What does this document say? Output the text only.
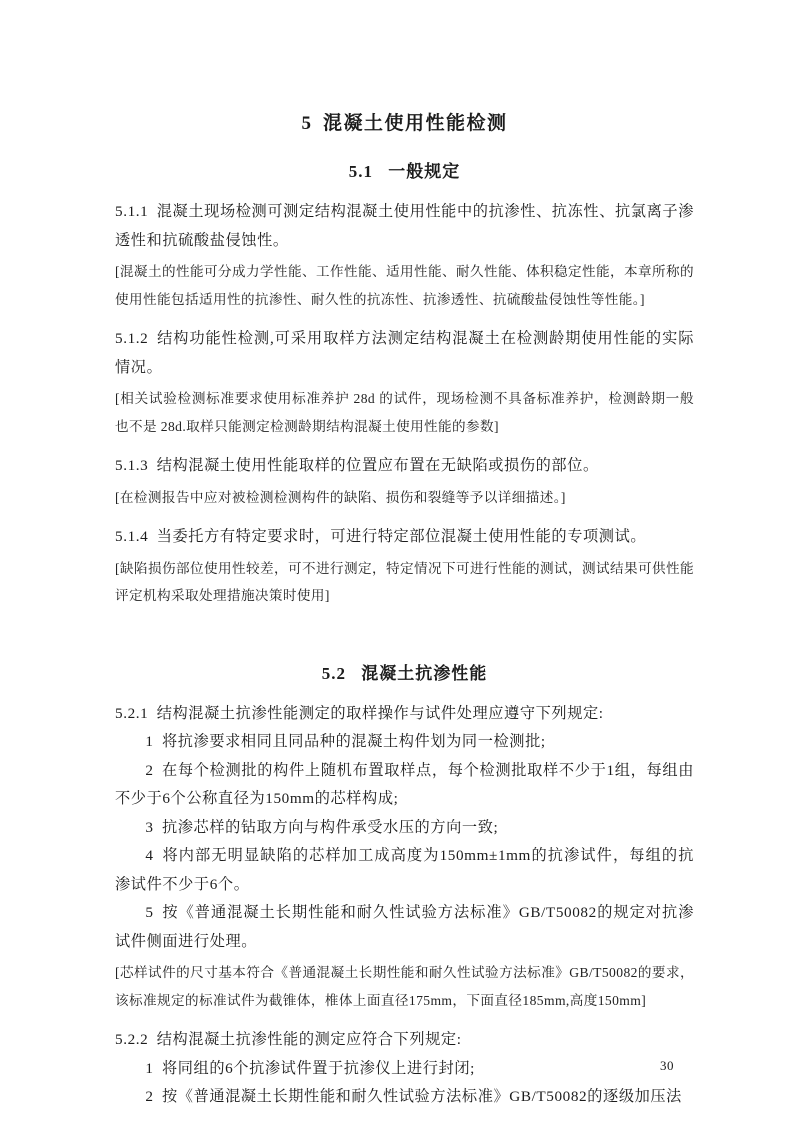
5 混凝土使用性能检测
5.1 一般规定

5.1.1 混凝土现场检测可测定结构混凝土使用性能中的抗渗性、抗冻性、抗氯离子渗透性和抗硫酸盐侵蚀性。

[混凝土的性能可分成力学性能、工作性能、适用性能、耐久性能、体积稳定性能，本章所称的使用性能包括适用性的抗渗性、耐久性的抗冻性、抗渗透性、抗硫酸盐侵蚀性等性能。]

5.1.2 结构功能性检测,可采用取样方法测定结构混凝土在检测龄期使用性能的实际情况。

[相关试验检测标准要求使用标准养护 28d 的试件，现场检测不具备标准养护，检测龄期一般也不是 28d.取样只能测定检测龄期结构混凝土使用性能的参数]

5.1.3 结构混凝土使用性能取样的位置应布置在无缺陷或损伤的部位。

[在检测报告中应对被检测检测构件的缺陷、损伤和裂缝等予以详细描述。]

5.1.4 当委托方有特定要求时，可进行特定部位混凝土使用性能的专项测试。

[缺陷损伤部位使用性较差，可不进行测定，特定情况下可进行性能的测试，测试结果可供性能评定机构采取处理措施决策时使用]

5.2 混凝土抗渗性能

5.2.1 结构混凝土抗渗性能测定的取样操作与试件处理应遵守下列规定:

1 将抗渗要求相同且同品种的混凝土构件划为同一检测批;

2 在每个检测批的构件上随机布置取样点，每个检测批取样不少于1组，每组由不少于6个公称直径为150mm的芯样构成;

3 抗渗芯样的钻取方向与构件承受水压的方向一致;

4 将内部无明显缺陷的芯样加工成高度为150mm±1mm的抗渗试件，每组的抗渗试件不少于6个。

5 按《普通混凝土长期性能和耐久性试验方法标准》GB/T50082的规定对抗渗试件侧面进行处理。

[芯样试件的尺寸基本符合《普通混凝土长期性能和耐久性试验方法标准》GB/T50082的要求，该标准规定的标准试件为截锥体，椎体上面直径175mm，下面直径185mm,高度150mm]

5.2.2 结构混凝土抗渗性能的测定应符合下列规定:

1 将同组的6个抗渗试件置于抗渗仪上进行封闭;

2 按《普通混凝土长期性能和耐久性试验方法标准》GB/T50082的逐级加压法

30
